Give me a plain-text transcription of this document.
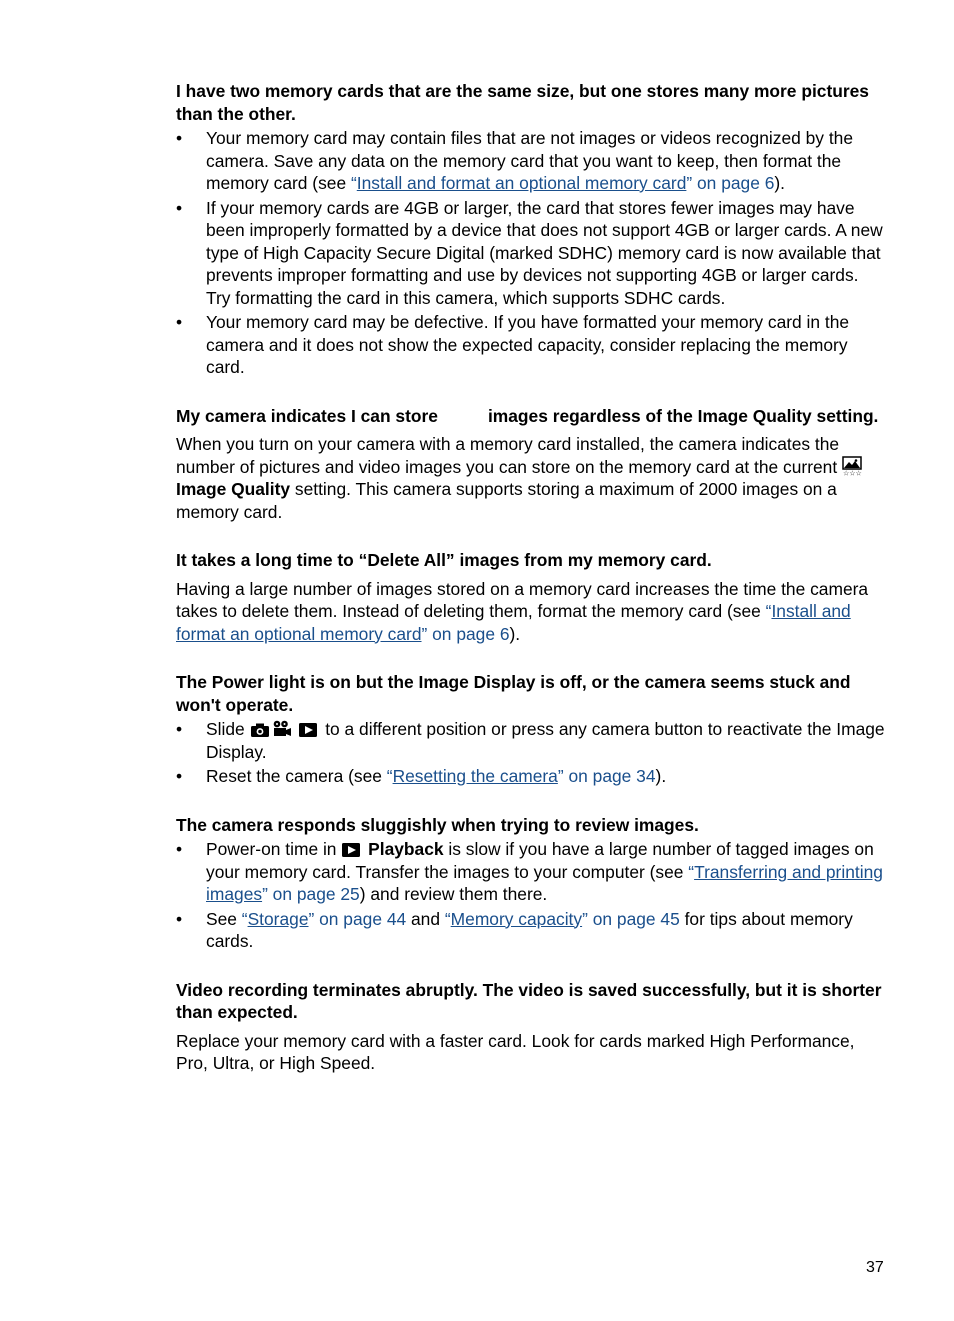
I have two memory cards that are the same size, but one stores many more pictures than the other.
• Your memory card may contain files that are not images or videos recognized by the camera. Save any data on the memory card that you want to keep, then format the memory card (see “Install and format an optional memory card” on page 6).
• If your memory cards are 4GB or larger, the card that stores fewer images may have been improperly formatted by a device that does not support 4GB or larger cards. A new type of High Capacity Secure Digital (marked SDHC) memory card is now available that prevents improper formatting and use by devices not supporting 4GB or larger cards. Try formatting the card in this camera, which supports SDHC cards.
• Your memory card may be defective. If you have formatted your memory card in the camera and it does not show the expected capacity, consider replacing the memory card.
My camera indicates I can store	images regardless of the Image Quality setting.

When you turn on your camera with a memory card installed, the camera indicates the number of pictures and video images you can store on the memory card at the current ☆☆☆
Image Quality setting. This camera supports storing a maximum of 2000 images on a memory card.

It takes a long time to “Delete All” images from my memory card.

Having a large number of images stored on a memory card increases the time the camera takes to delete them. Instead of deleting them, format the memory card (see “Install and format an optional memory card” on page 6).

The Power light is on but the Image Display is off, or the camera seems stuck and won't operate.
• Slide	to a different position or press any camera button to reactivate the Image Display.
• Reset the camera (see “Resetting the camera” on page 34).
The camera responds sluggishly when trying to review images.
• Power-on time in  Playback is slow if you have a large number of tagged images on your memory card. Transfer the images to your computer (see “Transferring and printing images” on page 25) and review them there.
• See “Storage” on page 44 and “Memory capacity” on page 45 for tips about memory cards.
Video recording terminates abruptly. The video is saved successfully, but it is shorter than expected.

Replace your memory card with a faster card. Look for cards marked High Performance, Pro, Ultra, or High Speed.

37
